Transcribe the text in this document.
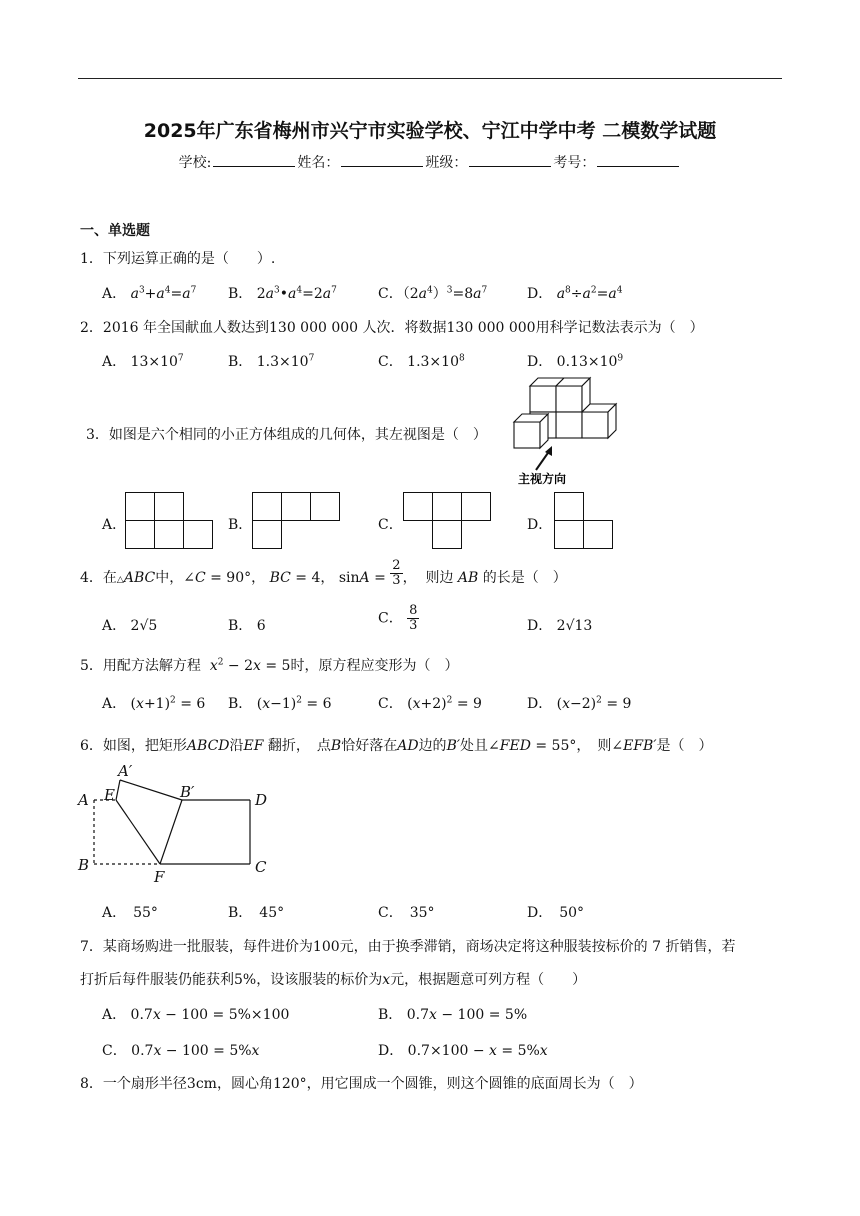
2025年广东省梅州市兴宁市实验学校、宁江中学中考 二模数学试题
学校:	姓名：	班级：	考号：
一、单选题
1．下列运算正确的是（　　）.
A． $a^3+a^4=a^7$ B． $2a^3•a^4=2a^7$	C．$(2a^4)^3=8a^7$	D． $a^8\div a^2=a^4$
2．2016 年全国献血人数达到130 000 000 人次．将数据130 000 000用科学记数法表示为（　）
A． $13\times 10^7$	B． $1.3\times 10^7$	C． $1.3\times 10^8$	D． $0.13\times 10^9$
3．如图是六个相同的小正方体组成的几何体，其左视图是（　）
主视方向
A．	B．	C．	D．
4．在△ABC中，∠C = 90°， BC = 4， $\sin A = \frac{2}{3}$ ，  则边 AB 的长是（　）
A． 2√5	B． 6	C． $\frac{8}{3}$	D． 2√13
5．用配方法解方程 $x^2 - 2x = 5$时，原方程应变形为（　）
A． $(x+1)^2 = 6$ B． $(x-1)^2 = 6$	C． $(x+2)^2 = 9$	D． $(x-2)^2 = 9$
6．如图，把矩形ABCD沿EF 翻折，　点B恰好落在AD边的B′处且∠FED = 55°，　则∠EFB′是（　）
A
A′
E	B′	D
B	C
F
A．　55°	B．　45°	C．　35°	D．　50°
7．某商场购进一批服装，每件进价为100元，由于换季滞销，商场决定将这种服装按标价的 7 折销售，若
打折后每件服装仍能获利5%，设该服装的标价为x元，根据题意可列方程（　　）
A． 0.7x − 100 = 5%×100	B． 0.7x − 100 = 5%
C． 0.7x − 100 = 5%x	D． 0.7×100 − x = 5%x
8．一个扇形半径3cm，圆心角120°，用它围成一个圆锥，则这个圆锥的底面周长为（　）
